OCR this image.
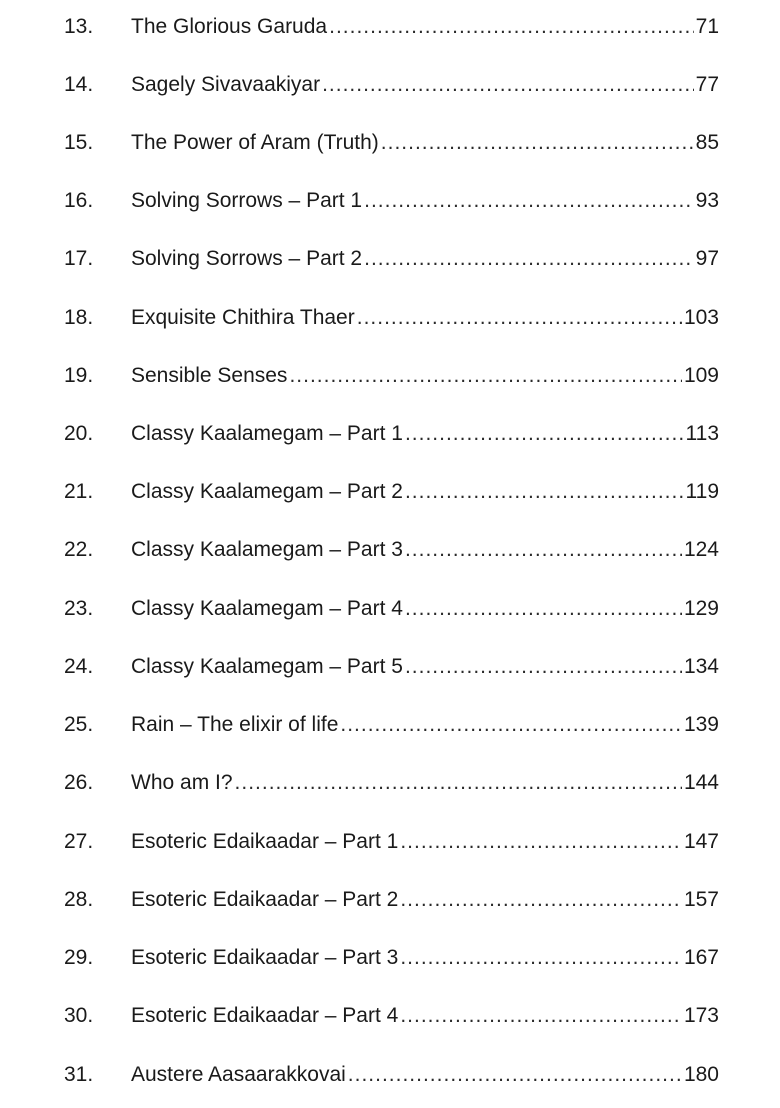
13.	The Glorious Garuda .....	71
14.	Sagely Sivavaakiyar .....	77
15.	The Power of Aram (Truth) .....	85
16.	Solving Sorrows – Part 1 .....	93
17.	Solving Sorrows – Part 2 .....	97
18.	Exquisite Chithira Thaer .....	103
19.	Sensible Senses .....	109
20.	Classy Kaalamegam – Part 1 .....	113
21.	Classy Kaalamegam – Part 2 .....	119
22.	Classy Kaalamegam – Part 3 .....	124
23.	Classy Kaalamegam – Part 4 .....	129
24.	Classy Kaalamegam – Part 5 .....	134
25.	Rain – The elixir of life .....	139
26.	Who am I? .....	144
27.	Esoteric Edaikaadar – Part 1 .....	147
28.	Esoteric Edaikaadar – Part 2 .....	157
29.	Esoteric Edaikaadar – Part 3 .....	167
30.	Esoteric Edaikaadar – Part 4 .....	173
31.	Austere Aasaarakkovai .....	180
